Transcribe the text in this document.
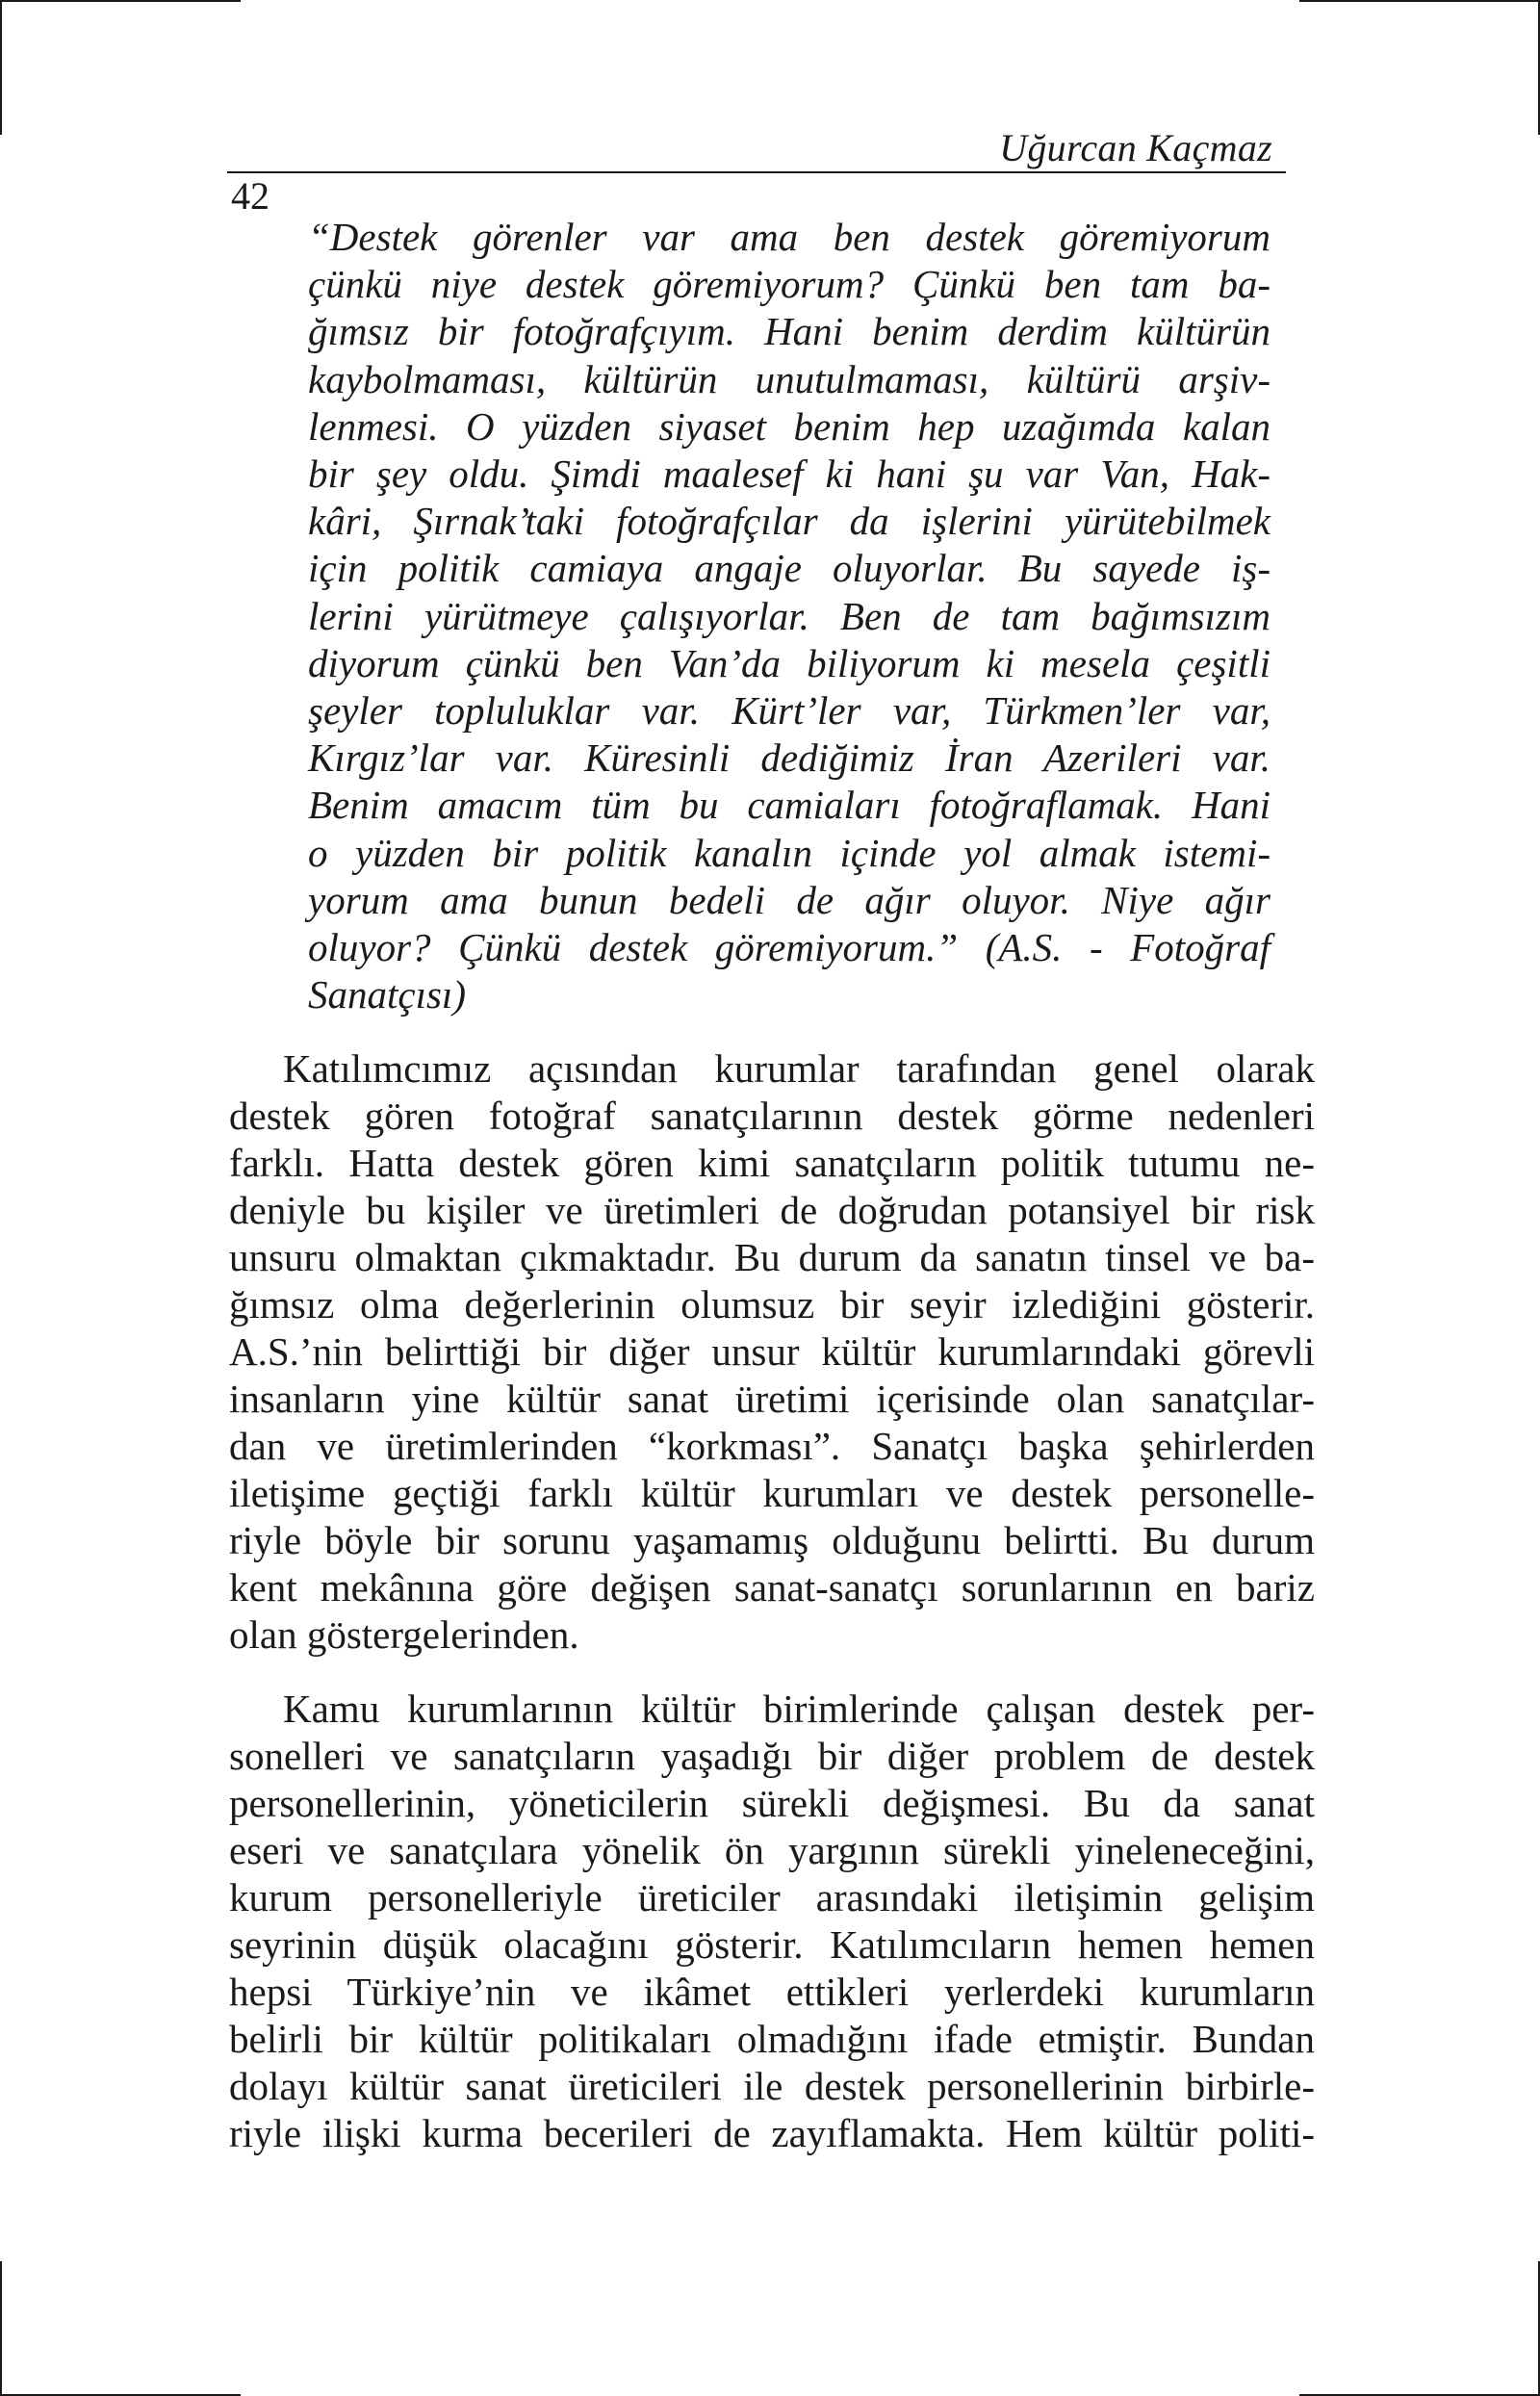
Uğurcan Kaçmaz
42
“Destek görenler var ama ben destek göremiyorum
çünkü niye destek göremiyorum? Çünkü ben tam ba-
ğımsız bir fotoğrafçıyım. Hani benim derdim kültürün
kaybolmaması, kültürün unutulmaması, kültürü arşiv-
lenmesi. O yüzden siyaset benim hep uzağımda kalan
bir şey oldu. Şimdi maalesef ki hani şu var Van, Hak-
kâri, Şırnak’taki fotoğrafçılar da işlerini yürütebilmek
için politik camiaya angaje oluyorlar. Bu sayede iş-
lerini yürütmeye çalışıyorlar. Ben de tam bağımsızım
diyorum çünkü ben Van’da biliyorum ki mesela çeşitli
şeyler topluluklar var. Kürt’ler var, Türkmen’ler var,
Kırgız’lar var. Küresinli dediğimiz İran Azerileri var.
Benim amacım tüm bu camiaları fotoğraflamak. Hani
o yüzden bir politik kanalın içinde yol almak istemi-
yorum ama bunun bedeli de ağır oluyor. Niye ağır
oluyor? Çünkü destek göremiyorum.” (A.S. - Fotoğraf
Sanatçısı)
Katılımcımız açısından kurumlar tarafından genel olarak
destek gören fotoğraf sanatçılarının destek görme nedenleri
farklı. Hatta destek gören kimi sanatçıların politik tutumu ne-
deniyle bu kişiler ve üretimleri de doğrudan potansiyel bir risk
unsuru olmaktan çıkmaktadır. Bu durum da sanatın tinsel ve ba-
ğımsız olma değerlerinin olumsuz bir seyir izlediğini gösterir.
A.S.’nin belirttiği bir diğer unsur kültür kurumlarındaki görevli
insanların yine kültür sanat üretimi içerisinde olan sanatçılar-
dan ve üretimlerinden “korkması”. Sanatçı başka şehirlerden
iletişime geçtiği farklı kültür kurumları ve destek personelle-
riyle böyle bir sorunu yaşamamış olduğunu belirtti. Bu durum
kent mekânına göre değişen sanat-sanatçı sorunlarının en bariz
olan göstergelerinden.
Kamu kurumlarının kültür birimlerinde çalışan destek per-
sonelleri ve sanatçıların yaşadığı bir diğer problem de destek
personellerinin, yöneticilerin sürekli değişmesi. Bu da sanat
eseri ve sanatçılara yönelik ön yargının sürekli yineleneceğini,
kurum personelleriyle üreticiler arasındaki iletişimin gelişim
seyrinin düşük olacağını gösterir. Katılımcıların hemen hemen
hepsi Türkiye’nin ve ikâmet ettikleri yerlerdeki kurumların
belirli bir kültür politikaları olmadığını ifade etmiştir. Bundan
dolayı kültür sanat üreticileri ile destek personellerinin birbirle-
riyle ilişki kurma becerileri de zayıflamakta. Hem kültür politi-
